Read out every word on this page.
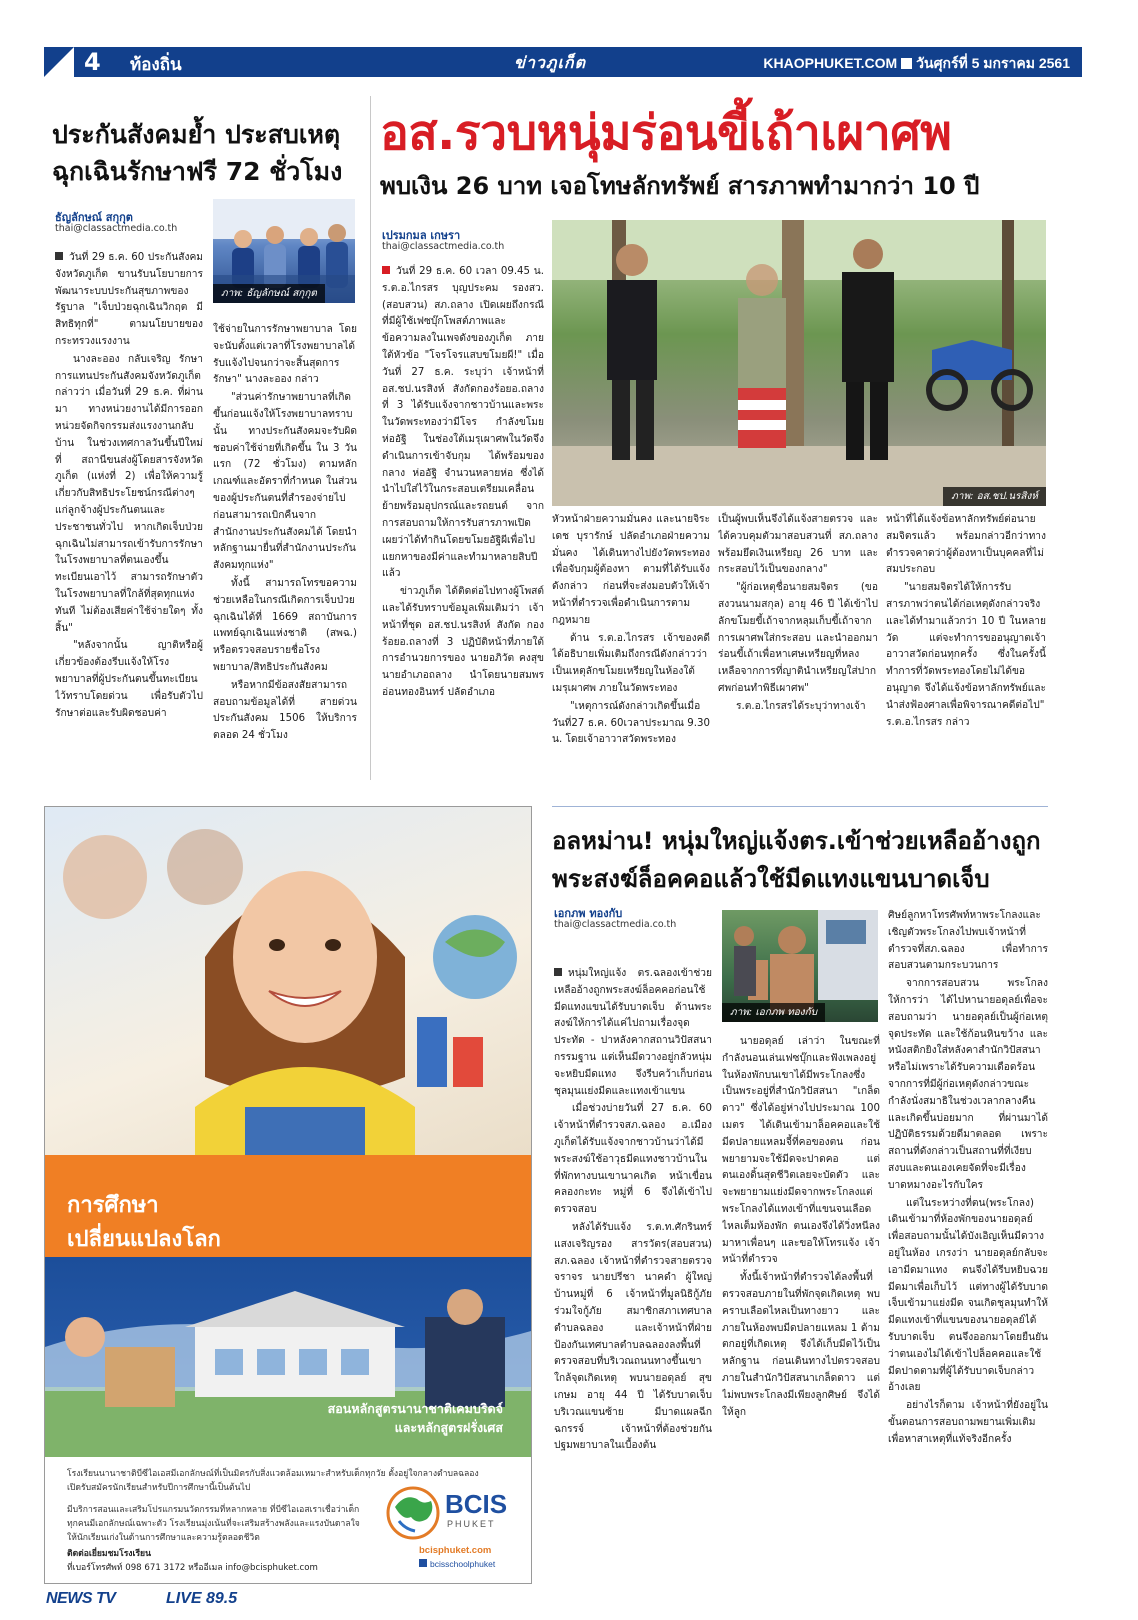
4 ท้องถิ่น	ข่าวภูเก็ต	KHAOPHUKET.COM วันศุกร์ที่ 5 มกราคม 2561
ประกันสังคมย้ำ ประสบเหตุฉุกเฉินรักษาฟรี 72 ชั่วโมง
ธัญลักษณ์ สกุกุต
thai@classactmedia.co.th
ภาพ: ธัญลักษณ์ สกุกุต

วันที่ 29 ธ.ค. 60 ประกันสังคมจังหวัดภูเก็ต ขานรับนโยบายการพัฒนาระบบประกันสุขภาพของรัฐบาล "เจ็บป่วยฉุกเฉินวิกฤต มีสิทธิทุกที่" ตามนโยบายของกระทรวงแรงงาน

นางละออง กลับเจริญ รักษาการแทนประกันสังคมจังหวัดภูเก็ต กล่าวว่า เมื่อวันที่ 29 ธ.ค. ที่ผ่านมา ทางหน่วยงานได้มีการออกหน่วยจัดกิจกรรมส่งแรงงานกลับบ้าน ในช่วงเทศกาลวันขึ้นปีใหม่ ที่ สถานีขนส่งผู้โดยสารจังหวัดภูเก็ต (แห่งที่ 2) เพื่อให้ความรู้เกี่ยวกับสิทธิประโยชน์กรณีต่างๆ แก่ลูกจ้างผู้ประกันตนและประชาชนทั่วไป หากเกิดเจ็บป่วยฉุกเฉินไม่สามารถเข้ารับการรักษาในโรงพยาบาลที่ตนเองขึ้นทะเบียนเอาไว้ สามารถรักษาตัวในโรงพยาบาลที่ใกล้ที่สุดทุกแห่งทันที ไม่ต้องเสียค่าใช้จ่ายใดๆ ทั้งสิ้น"

"หลังจากนั้น ญาติหรือผู้เกี่ยวข้องต้องรีบแจ้งให้โรงพยาบาลที่ผู้ประกันตนขึ้นทะเบียนไว้ทราบโดยด่วน เพื่อรับตัวไปรักษาต่อและรับผิดชอบค่า

ใช้จ่ายในการรักษาพยาบาล โดยจะนับตั้งแต่เวลาที่โรงพยาบาลได้รับแจ้งไปจนกว่าจะสิ้นสุดการรักษา" นางละออง กล่าว

"ส่วนค่ารักษาพยาบาลที่เกิดขึ้นก่อนแจ้งให้โรงพยาบาลทราบนั้น ทางประกันสังคมจะรับผิดชอบค่าใช้จ่ายที่เกิดขึ้น ใน 3 วันแรก (72 ชั่วโมง) ตามหลักเกณฑ์และอัตราที่กำหนด ในส่วนของผู้ประกันตนที่สำรองจ่ายไปก่อนสามารถเบิกคืนจากสำนักงานประกันสังคมได้ โดยนำหลักฐานมายื่นที่สำนักงานประกันสังคมทุกแห่ง"

ทั้งนี้ สามารถโทรขอความช่วยเหลือในกรณีเกิดการเจ็บป่วยฉุกเฉินได้ที่ 1669 สถาบันการแพทย์ฉุกเฉินแห่งชาติ (สพฉ.) หรือตรวจสอบรายชื่อโรงพยาบาล/สิทธิประกันสังคม

หรือหากมีข้อสงสัยสามารถสอบถามข้อมูลได้ที่ สายด่วนประกันสังคม 1506 ให้บริการตลอด 24 ชั่วโมง

อส.รวบหนุ่มร่อนขี้เถ้าเผาศพ
พบเงิน 26 บาท เจอโทษลักทรัพย์ สารภาพทำมากว่า 10 ปี
เปรมกมล เกษรา
thai@classactmedia.co.th
ภาพ: อส.ชป.นรสิงห์

วันที่ 29 ธ.ค. 60 เวลา 09.45 น. ร.ต.อ.ไกรสร บุญประคม รองสว.(สอบสวน) สภ.ถลาง เปิดเผยถึงกรณี ที่มีผู้ใช้เฟซบุ๊กโพสต์ภาพและข้อความลงในเพจดังของภูเก็ต ภายใต้หัวข้อ "โจรโจรแสบขโมยผี!" เมื่อวันที่ 27 ธ.ค. ระบุว่า เจ้าหน้าที่ อส.ชป.นรสิงห์ สังกัดกองร้อยอ.ถลางที่ 3 ได้รับแจ้งจากชาวบ้านและพระในวัดพระทองว่ามีโจร กำลังขโมย ห่ออัฐิ ในช่องใต้เมรุเผาศพในวัดจึงดำเนินการเข้าจับกุม ได้พร้อมของกลาง ห่ออัฐิ จำนวนหลายห่อ ซึ่งได้นำไปใส่ไว้ในกระสอบเตรียมเคลื่อนย้ายพร้อมอุปกรณ์และรถยนต์ จากการสอบถามให้การรับสารภาพเปิดเผยว่าได้ทำกินโดยขโมยอัฐิผีเพื่อไปแยกหาของมีค่าและทำมาหลายสิบปีแล้ว

ข่าวภูเก็ต ได้ติดต่อไปทางผู้โพสต์ และได้รับทราบข้อมูลเพิ่มเติมว่า เจ้าหน้าที่ชุด อส.ชป.นรสิงห์ สังกัด กองร้อยอ.ถลางที่ 3 ปฏิบัติหน้าที่ภายใต้การอำนวยการของ นายอภิวัต คงสุข นายอำเภอถลาง นำโดยนายสมพร อ่อนทองอินทร์ ปลัดอำเภอ

หัวหน้าฝ่ายความมั่นคง และนายจิระเดช บุรารักษ์ ปลัดอำเภอฝ่ายความมั่นคง ได้เดินทางไปยังวัดพระทองเพื่อจับกุมผู้ต้องหา ตามที่ได้รับแจ้งดังกล่าว ก่อนที่จะส่งมอบตัวให้เจ้าหน้าที่ตำรวจเพื่อดำเนินการตามกฎหมาย

ด้าน ร.ต.อ.ไกรสร เจ้าของคดี ได้อธิบายเพิ่มเติมถึงกรณีดังกล่าวว่า เป็นเหตุลักขโมยเหรียญในห้องใต้เมรุเผาศพ ภายในวัดพระทอง

"เหตุการณ์ดังกล่าวเกิดขึ้นเมื่อวันที่27 ธ.ค. 60เวลาประมาณ 9.30 น. โดยเจ้าอาวาสวัดพระทอง

เป็นผู้พบเห็นจึงได้แจ้งสายตรวจ และได้ควบคุมตัวมาสอบสวนที่ สภ.ถลาง พร้อมยึดเงินเหรียญ 26 บาท และกระสอบไว้เป็นของกลาง"

"ผู้ก่อเหตุชื่อนายสมจิตร (ขอสงวนนามสกุล) อายุ 46 ปี ได้เข้าไปลักขโมยขี้เถ้าจากหลุมเก็บขี้เถ้าจากการเผาศพใส่กระสอบ และนำออกมาร่อนขี้เถ้าเพื่อหาเศษเหรียญที่หลงเหลือจากการที่ญาตินำเหรียญใส่ปากศพก่อนทำพิธีเผาศพ"

ร.ต.อ.ไกรสรได้ระบุว่าทางเจ้า

หน้าที่ได้แจ้งข้อหาลักทรัพย์ต่อนายสมจิตรแล้ว พร้อมกล่าวอีกว่าทางตำรวจคาดว่าผู้ต้องหาเป็นบุคคลที่ไม่สมประกอบ

"นายสมจิตรได้ให้การรับสารภาพว่าตนได้ก่อเหตุดังกล่าวจริงและได้ทำมาแล้วกว่า 10 ปี ในหลายวัด แต่จะทำการขออนุญาตเจ้าอาวาสวัดก่อนทุกครั้ง ซึ่งในครั้งนี้ทำการที่วัดพระทองโดยไม่ได้ขออนุญาต จึงได้แจ้งข้อหาลักทรัพย์และนำส่งฟ้องศาลเพื่อพิจารณาคดีต่อไป" ร.ต.อ.ไกรสร กล่าว

การศึกษา
เปลี่ยนแปลงโลก
สอนหลักสูตรนานาชาติเคมบริดจ์
และหลักสูตรฝรั่งเศส
โรงเรียนนานาชาติบีซีไอเอสมีเอกลักษณ์ที่เป็นมิตรกับสิ่งแวดล้อมเหมาะสำหรับเด็กทุกวัย ตั้งอยู่ใจกลางตำบลฉลอง เปิดรับสมัครนักเรียนสำหรับปีการศึกษานี้เป็นต้นไป
มีบริการสอนและเสริมโปรแกรมนวัตกรรมที่หลากหลาย ที่บีซีไอเอสเราเชื่อว่าเด็กทุกคนมีเอกลักษณ์เฉพาะตัว โรงเรียนมุ่งเน้นที่จะเสริมสร้างพลังและแรงบันดาลใจให้นักเรียนเก่งในด้านการศึกษาและความรู้ตลอดชีวิต
ติดต่อเยี่ยมชมโรงเรียน
ที่เบอร์โทรศัพท์ 098 671 3172 หรืออีเมล info@bcisphuket.com
BCIS
PHUKET
bcisphuket.com
bcisschoolphuket
อลหม่าน! หนุ่มใหญ่แจ้งตร.เข้าช่วยเหลืออ้างถูกพระสงฆ์ล็อคคอแล้วใช้มีดแทงแขนบาดเจ็บ
เอกภพ ทองกับ
thai@classactmedia.co.th
ภาพ: เอกภพ ทองกับ

หนุ่มใหญ่แจ้ง ตร.ฉลองเข้าช่วยเหลืออ้างถูกพระสงฆ์ล็อคคอก่อนใช้มีดแทงแขนได้รับบาดเจ็บ ด้านพระสงฆ์ให้การได้แค่ไปถามเรื่องจุดประทัด - ปาหลังคากสถานวิปัสสนากรรมฐาน แต่เห็นมีดวางอยู่กลัวหนุ่มจะหยิบมีดแทง จึงรีบคว้าเก็บก่อนชุลมุนแย่งมีดและแทงเข้าแขน

เมื่อช่วงบ่ายวันที่ 27 ธ.ค. 60 เจ้าหน้าที่ตำรวจสภ.ฉลอง อ.เมืองภูเก็ตได้รับแจ้งจากชาวบ้านว่าได้มีพระสงฆ์ใช้อาวุธมีดแทงชาวบ้านในที่พักทางบนเขานาคเกิด หน้าเขื่อนคลองกะทะ หมู่ที่ 6 จึงได้เข้าไปตรวจสอบ

หลังได้รับแจ้ง ร.ต.ท.ศักรินทร์ แสงเจริญรอง สารวัตร(สอบสวน) สภ.ฉลอง เจ้าหน้าที่ตำรวจสายตรวจจราจร นายปรีชา นาคดำ ผู้ใหญ่บ้านหมู่ที่ 6 เจ้าหน้าที่มูลนิธิกู้ภัยร่วมใจกู้ภัย สมาชิกสภาเทศบาลตำบลฉลอง และเจ้าหน้าที่ฝ่ายป้องกันเทศบาลตำบลฉลองลงพื้นที่ตรวจสอบที่บริเวณถนนทางขึ้นเขาใกล้จุดเกิดเหตุ พบนายอดุลย์ สุขเกษม อายุ 44 ปี ได้รับบาดเจ็บบริเวณแขนซ้าย มีบาดแผลฉีกฉกรรจ์ เจ้าหน้าที่ต้องช่วยกันปฐมพยาบาลในเบื้องต้น

นายอดุลย์ เล่าว่า ในขณะที่กำลังนอนเล่นเฟซบุ๊กและฟังเพลงอยู่ในห้องพักบนเขาได้มีพระโกลงซึ่งเป็นพระอยู่ที่สำนักวิปัสสนา "เกล็ดดาว" ซึ่งได้อยู่ห่างไปประมาณ 100 เมตร ได้เดินเข้ามาล็อคคอและใช้มีดปลายแหลมจี้ที่คอของตน ก่อนพยายามจะใช้มีดจะปาดคอ แต่ตนเองดิ้นสุดชีวิตเลยจะบัดตัว และจะพยายามแย่งมีดจากพระโกลงแต่พระโกลงได้แทงเข้าที่แขนจนเลือดไหลเต็มห้องพัก ตนเองจึงได้วิ่งหนีลงมาหาเพื่อนๆ และขอให้โทรแจ้ง เจ้าหน้าที่ตำรวจ

ทั้งนี้เจ้าหน้าที่ตำรวจได้ลงพื้นที่ตรวจสอบภายในที่พักจุดเกิดเหตุ พบคราบเลือดไหลเป็นทางยาว และภายในห้องพบมีดปลายแหลม 1 ด้าม ตกอยู่ที่เกิดเหตุ จึงได้เก็บมีดไว้เป็นหลักฐาน ก่อนเดินทางไปตรวจสอบภายในสำนักวิปัสสนาเกล็ดดาว แต่ไม่พบพระโกลงมีเพียงลูกศิษย์ จึงได้ให้ลูก

ศิษย์ลูกหาโทรศัพท์หาพระโกลงและเชิญตัวพระโกลงไปพบเจ้าหน้าที่ตำรวจที่สภ.ฉลอง เพื่อทำการสอบสวนตามกระบวนการ

จากการสอบสวน พระโกลงให้การว่า ได้ไปหานายอดุลย์เพื่อจะสอบถามว่า นายอดุลย์เป็นผู้ก่อเหตุจุดประทัด และใช้ก้อนหินขว้าง และหนังสติกยิงใส่หลังคาสำนักวิปัสสนาหรือไม่เพราะได้รับความเดือดร้อนจากการที่มีผู้ก่อเหตุดังกล่าวขณะกำลังนั่งสมาธิในช่วงเวลากลางคืน และเกิดขึ้นบ่อยมาก ที่ผ่านมาได้ปฏิบัติธรรมด้วยดีมาตลอด เพราะสถานที่ดังกล่าวเป็นสถานที่ที่เงียบสงบและตนเองเคยจัดที่จะมีเรื่องบาดหมางอะไรกับใคร

แต่ในระหว่างที่ตน(พระโกลง) เดินเข้ามาที่ห้องพักของนายอดุลย์เพื่อสอบถามนั้นได้บังเอิญเห็นมีดวางอยู่ในห้อง เกรงว่า นายอดุลย์กลับจะเอามีดมาแทง ตนจึงได้รีบหยิบฉวยมีดมาเพื่อเก็บไว้ แต่ทางผู้ได้รับบาดเจ็บเข้ามาแย่งมีด จนเกิดชุลมุนทำให้มีดแทงเข้าที่แขนของนายอดุลย์ได้รับบาดเจ็บ ตนจึงออกมาโดยยืนยันว่าตนเองไม่ได้เข้าไปล็อคคอและใช้มีดปาดตามที่ผู้ได้รับบาดเจ็บกล่าวอ้างเลย

อย่างไรก็ตาม เจ้าหน้าที่ยังอยู่ในขั้นตอนการสอบถามพยานเพิ่มเติมเพื่อหาสาเหตุที่แท้จริงอีกครั้ง

NEWS TV	LIVE 89.5
